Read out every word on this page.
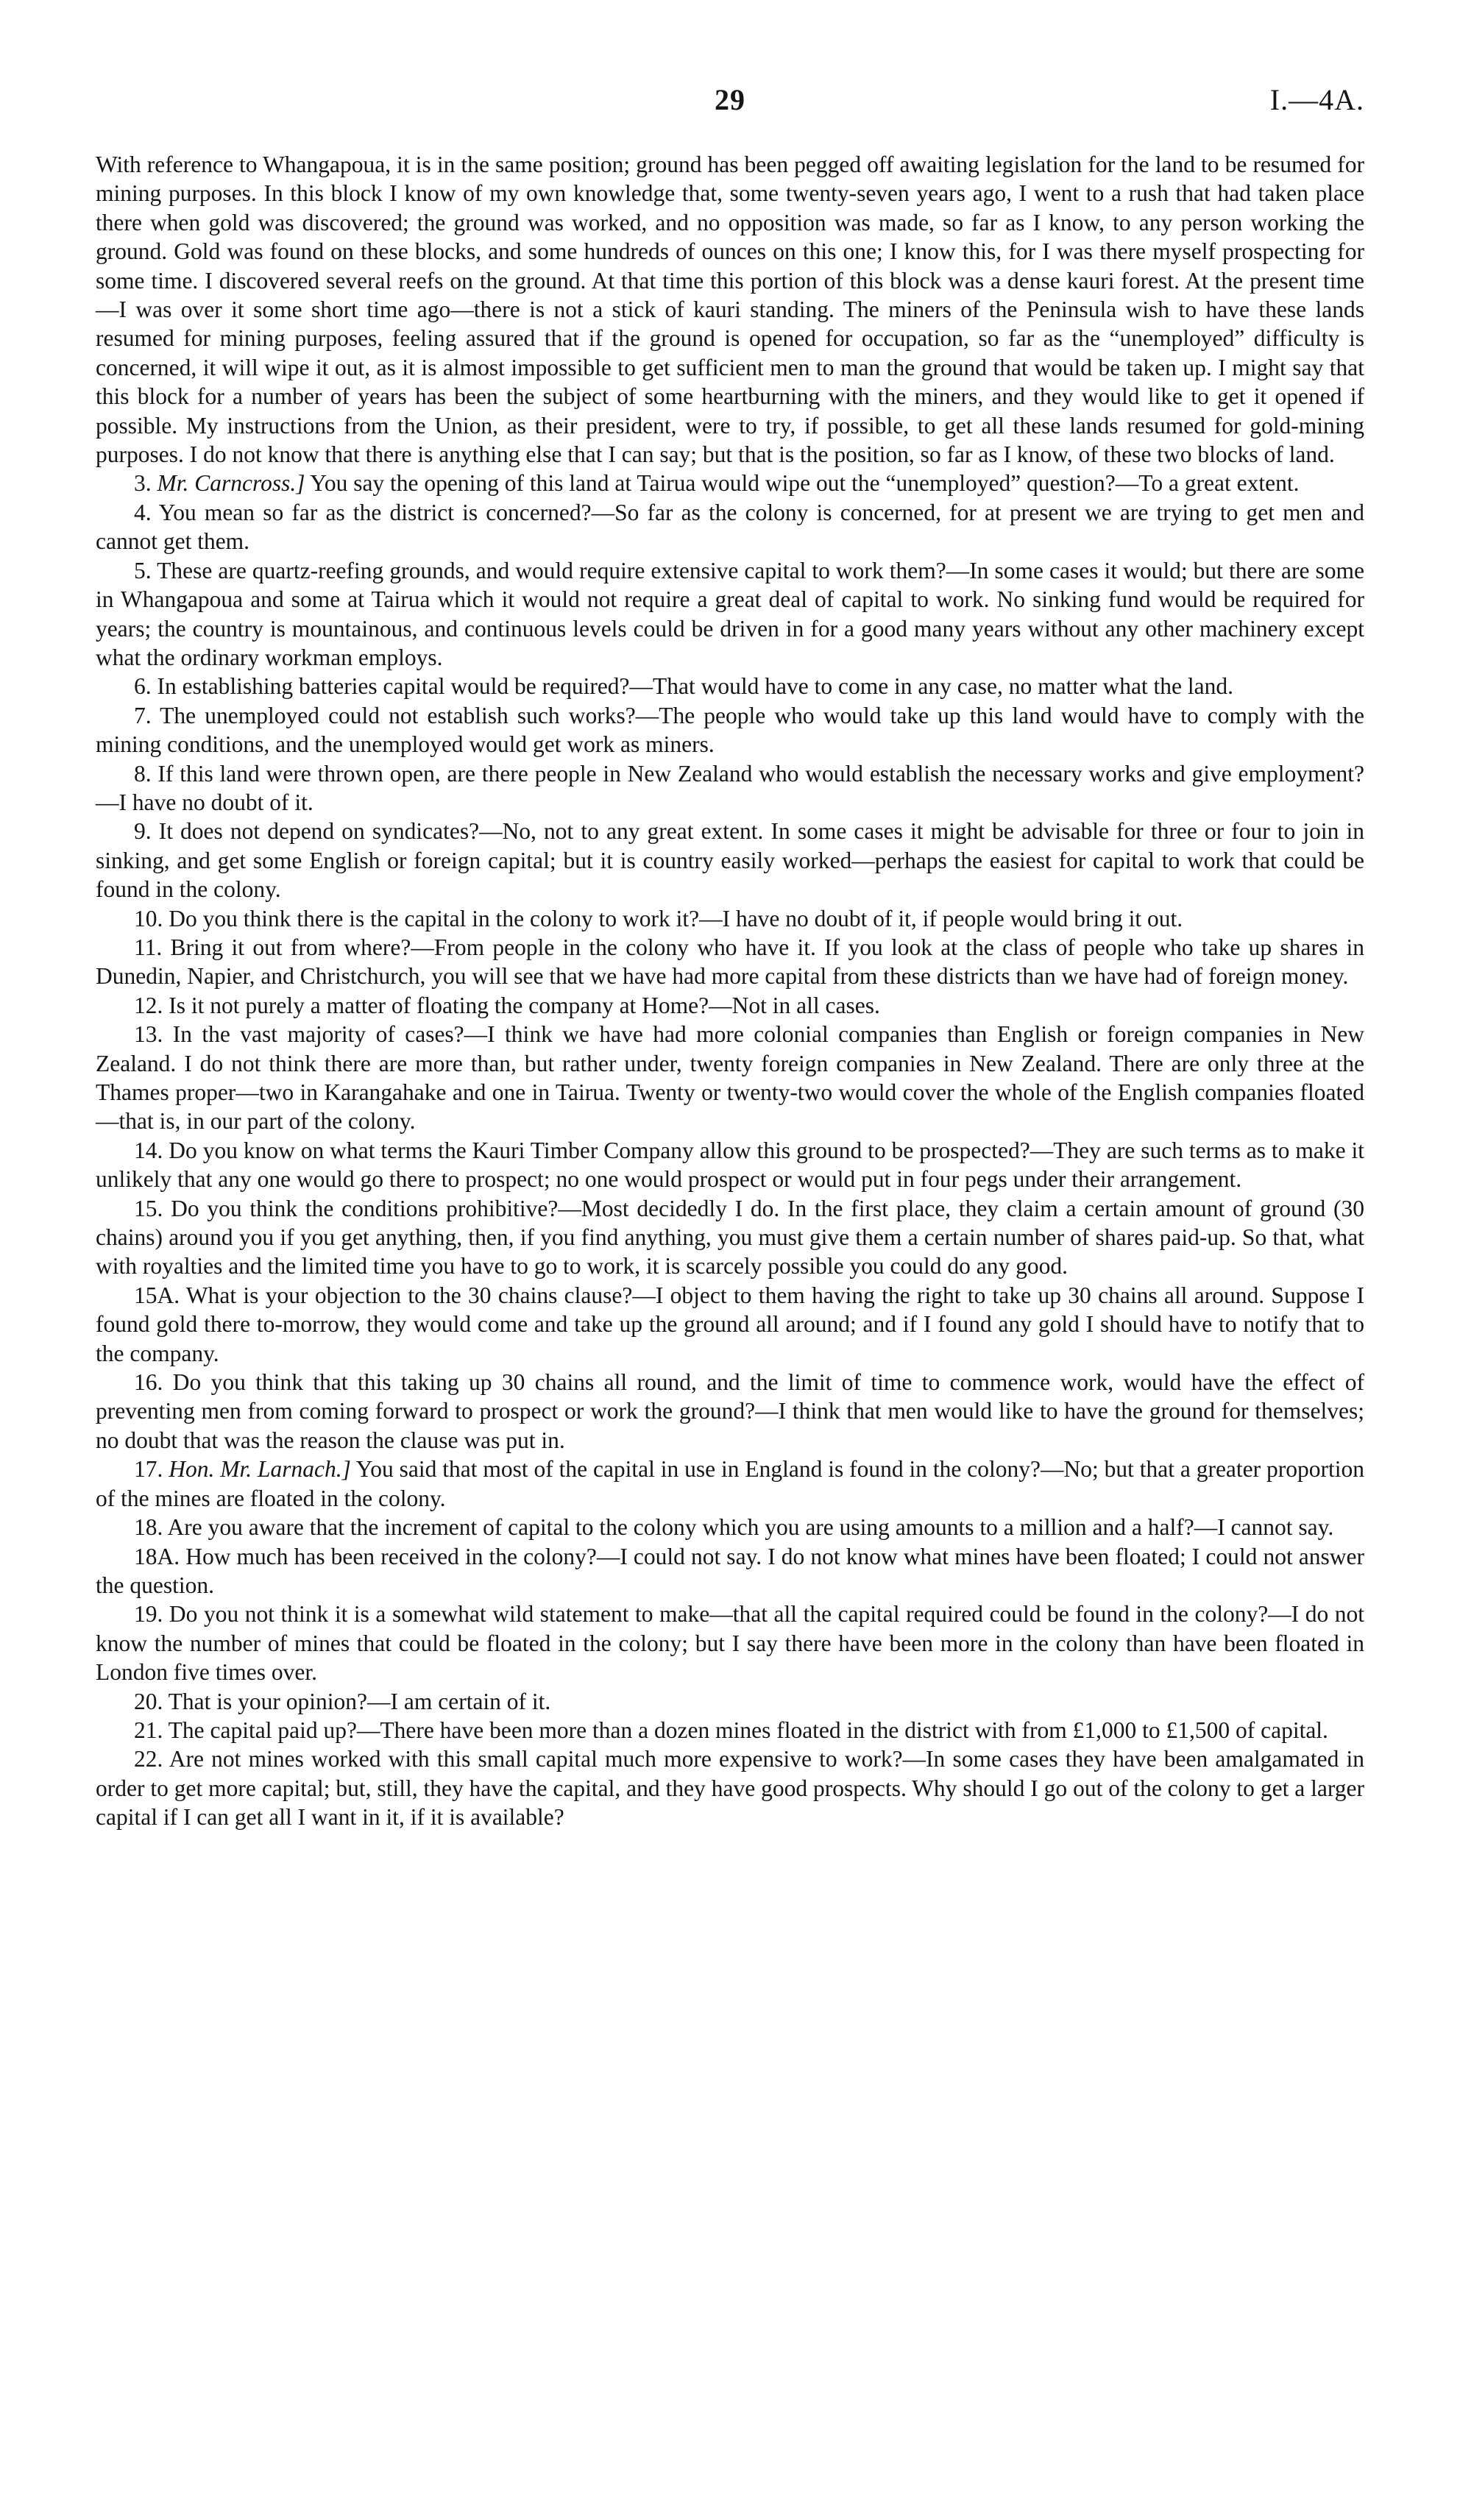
29	I.—4A.

With reference to Whangapoua, it is in the same position; ground has been pegged off awaiting legislation for the land to be resumed for mining purposes. In this block I know of my own knowledge that, some twenty-seven years ago, I went to a rush that had taken place there when gold was discovered; the ground was worked, and no opposition was made, so far as I know, to any person working the ground. Gold was found on these blocks, and some hundreds of ounces on this one; I know this, for I was there myself prospecting for some time. I discovered several reefs on the ground. At that time this portion of this block was a dense kauri forest. At the present time—I was over it some short time ago—there is not a stick of kauri standing. The miners of the Peninsula wish to have these lands resumed for mining purposes, feeling assured that if the ground is opened for occupation, so far as the “unemployed” difficulty is concerned, it will wipe it out, as it is almost impossible to get sufficient men to man the ground that would be taken up. I might say that this block for a number of years has been the subject of some heartburning with the miners, and they would like to get it opened if possible. My instructions from the Union, as their president, were to try, if possible, to get all these lands resumed for gold-mining purposes. I do not know that there is anything else that I can say; but that is the position, so far as I know, of these two blocks of land.

3. Mr. Carncross.] You say the opening of this land at Tairua would wipe out the “unemployed” question?—To a great extent.

4. You mean so far as the district is concerned?—So far as the colony is concerned, for at present we are trying to get men and cannot get them.

5. These are quartz-reefing grounds, and would require extensive capital to work them?—In some cases it would; but there are some in Whangapoua and some at Tairua which it would not require a great deal of capital to work. No sinking fund would be required for years; the country is mountainous, and continuous levels could be driven in for a good many years without any other machinery except what the ordinary workman employs.

6. In establishing batteries capital would be required?—That would have to come in any case, no matter what the land.

7. The unemployed could not establish such works?—The people who would take up this land would have to comply with the mining conditions, and the unemployed would get work as miners.

8. If this land were thrown open, are there people in New Zealand who would establish the necessary works and give employment?—I have no doubt of it.

9. It does not depend on syndicates?—No, not to any great extent. In some cases it might be advisable for three or four to join in sinking, and get some English or foreign capital; but it is country easily worked—perhaps the easiest for capital to work that could be found in the colony.

10. Do you think there is the capital in the colony to work it?—I have no doubt of it, if people would bring it out.

11. Bring it out from where?—From people in the colony who have it. If you look at the class of people who take up shares in Dunedin, Napier, and Christchurch, you will see that we have had more capital from these districts than we have had of foreign money.

12. Is it not purely a matter of floating the company at Home?—Not in all cases.

13. In the vast majority of cases?—I think we have had more colonial companies than English or foreign companies in New Zealand. I do not think there are more than, but rather under, twenty foreign companies in New Zealand. There are only three at the Thames proper—two in Karangahake and one in Tairua. Twenty or twenty-two would cover the whole of the English companies floated—that is, in our part of the colony.

14. Do you know on what terms the Kauri Timber Company allow this ground to be prospected?—They are such terms as to make it unlikely that any one would go there to prospect; no one would prospect or would put in four pegs under their arrangement.

15. Do you think the conditions prohibitive?—Most decidedly I do. In the first place, they claim a certain amount of ground (30 chains) around you if you get anything, then, if you find anything, you must give them a certain number of shares paid-up. So that, what with royalties and the limited time you have to go to work, it is scarcely possible you could do any good.

15A. What is your objection to the 30 chains clause?—I object to them having the right to take up 30 chains all around. Suppose I found gold there to-morrow, they would come and take up the ground all around; and if I found any gold I should have to notify that to the company.

16. Do you think that this taking up 30 chains all round, and the limit of time to commence work, would have the effect of preventing men from coming forward to prospect or work the ground?—I think that men would like to have the ground for themselves; no doubt that was the reason the clause was put in.

17. Hon. Mr. Larnach.] You said that most of the capital in use in England is found in the colony?—No; but that a greater proportion of the mines are floated in the colony.

18. Are you aware that the increment of capital to the colony which you are using amounts to a million and a half?—I cannot say.

18A. How much has been received in the colony?—I could not say. I do not know what mines have been floated; I could not answer the question.

19. Do you not think it is a somewhat wild statement to make—that all the capital required could be found in the colony?—I do not know the number of mines that could be floated in the colony; but I say there have been more in the colony than have been floated in London five times over.

20. That is your opinion?—I am certain of it.

21. The capital paid up?—There have been more than a dozen mines floated in the district with from £1,000 to £1,500 of capital.

22. Are not mines worked with this small capital much more expensive to work?—In some cases they have been amalgamated in order to get more capital; but, still, they have the capital, and they have good prospects. Why should I go out of the colony to get a larger capital if I can get all I want in it, if it is available?
